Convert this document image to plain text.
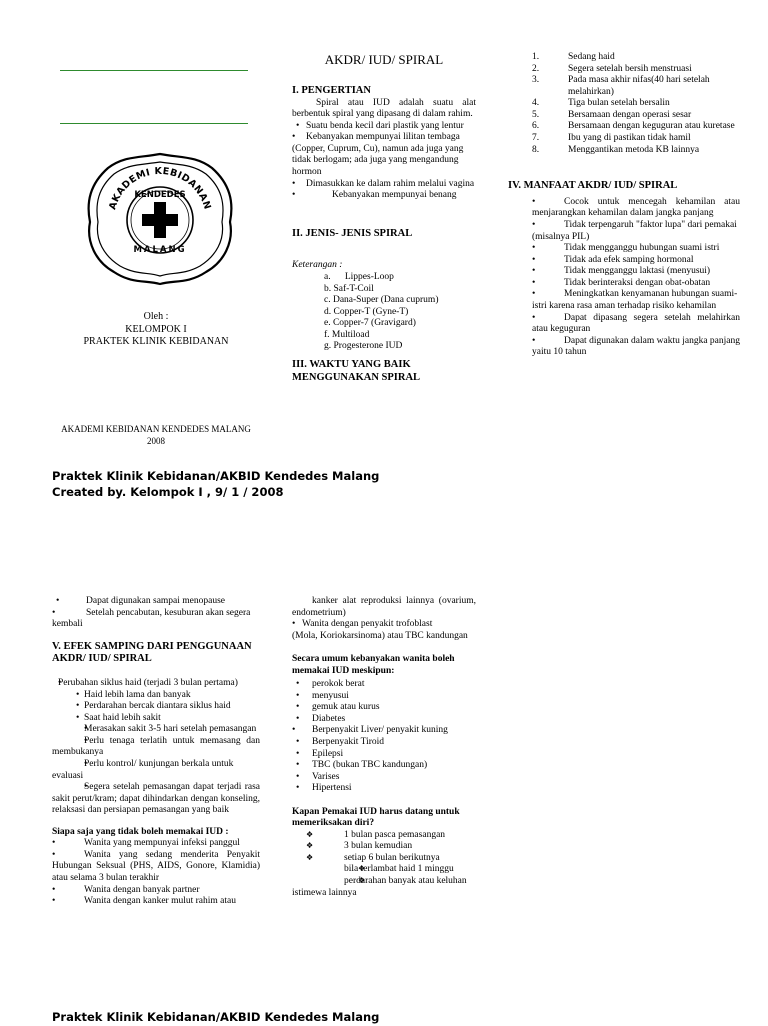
AKADEMI KEBIDANAN
KENDEDES
MALANG
Oleh :
KELOMPOK I
PRAKTEK KLINIK KEBIDANAN
AKADEMI KEBIDANAN KENDEDES MALANG
2008
AKDR/ IUD/ SPIRAL
I. PENGERTIAN
Spiral atau IUD adalah suatu alat berbentuk spiral yang dipasang di dalam rahim.
• Suatu benda kecil dari plastik yang lentur
• Kebanyakan mempunyai lilitan tembaga (Copper, Cuprum, Cu), namun ada juga yang tidak berlogam; ada juga yang mengandung hormon
• Dimasukkan ke dalam rahim melalui vagina
• Kebanyakan mempunyai benang
II. JENIS- JENIS SPIRAL
Keterangan :
a.      Lippes-Loop
b. Saf-T-Coil
c. Dana-Super (Dana cuprum)
d. Copper-T (Gyne-T)
e. Copper-7 (Gravigard)
f. Multiload
g. Progesterone IUD
III. WAKTU YANG BAIK MENGGUNAKAN SPIRAL
1.	Sedang haid
2.	Segera setelah bersih menstruasi
3.	Pada masa akhir nifas(40 hari setelah melahirkan)
4.	Tiga bulan setelah bersalin
5.	Bersamaan dengan operasi sesar
6.	Bersamaan dengan keguguran atau kuretase
7.	Ibu yang di pastikan tidak hamil
8.	Menggantikan metoda KB lainnya
IV. MANFAAT AKDR/ IUD/ SPIRAL
• Cocok untuk mencegah kehamilan atau menjarangkan kehamilan dalam jangka panjang
• Tidak terpengaruh "faktor lupa" dari pemakai (misalnya PIL)
• Tidak mengganggu hubungan suami istri
• Tidak ada efek samping hormonal
• Tidak mengganggu laktasi (menyusui)
• Tidak berinteraksi dengan obat-obatan
• Meningkatkan kenyamanan hubungan suami-istri karena rasa aman terhadap risiko kehamilan
• Dapat dipasang segera setelah melahirkan atau keguguran
• Dapat digunakan dalam waktu jangka panjang yaitu 10 tahun
Praktek Klinik Kebidanan/AKBID Kendedes Malang
Created by. Kelompok I , 9/ 1 / 2008
• Dapat digunakan sampai menopause
• Setelah pencabutan, kesuburan akan segera kembali
V. EFEK SAMPING DARI PENGGUNAAN AKDR/ IUD/ SPIRAL
• Perubahan siklus haid (terjadi 3 bulan pertama)
• Haid lebih lama dan banyak
• Perdarahan bercak diantara siklus haid
• Saat haid lebih sakit
• Merasakan sakit 3-5 hari setelah pemasangan
• Perlu tenaga terlatih untuk memasang dan membukanya
• Perlu kontrol/ kunjungan berkala untuk evaluasi
• Segera setelah pemasangan dapat terjadi rasa sakit perut/kram; dapat dihindarkan dengan konseling, relaksasi dan persiapan pemasangan yang baik
Siapa saja yang tidak boleh memakai IUD :
• Wanita yang mempunyai infeksi panggul
• Wanita yang sedang menderita Penyakit Hubungan Seksual (PHS, AIDS, Gonore, Klamidia) atau selama 3 bulan terakhir
• Wanita dengan banyak partner
• Wanita dengan kanker mulut rahim atau
kanker alat reproduksi lainnya (ovarium, endometrium)
• Wanita dengan penyakit trofoblast
(Mola, Koriokarsinoma) atau TBC kandungan
Secara umum kebanyakan wanita boleh memakai IUD meskipun:
• perokok berat
• menyusui
• gemuk atau kurus
• Diabetes
• Berpenyakit Liver/ penyakit kuning
• Berpenyakit Tiroid
• Epilepsi
• TBC (bukan TBC kandungan)
• Varises
• Hipertensi
Kapan Pemakai IUD harus datang untuk memeriksakan diri?
❖ 1 bulan pasca pemasangan
❖ 3 bulan kemudian
❖ setiap 6 bulan berikutnya
❖ bila terlambat haid 1 minggu
❖ perdarahan banyak atau keluhan istimewa lainnya
Praktek Klinik Kebidanan/AKBID Kendedes Malang
